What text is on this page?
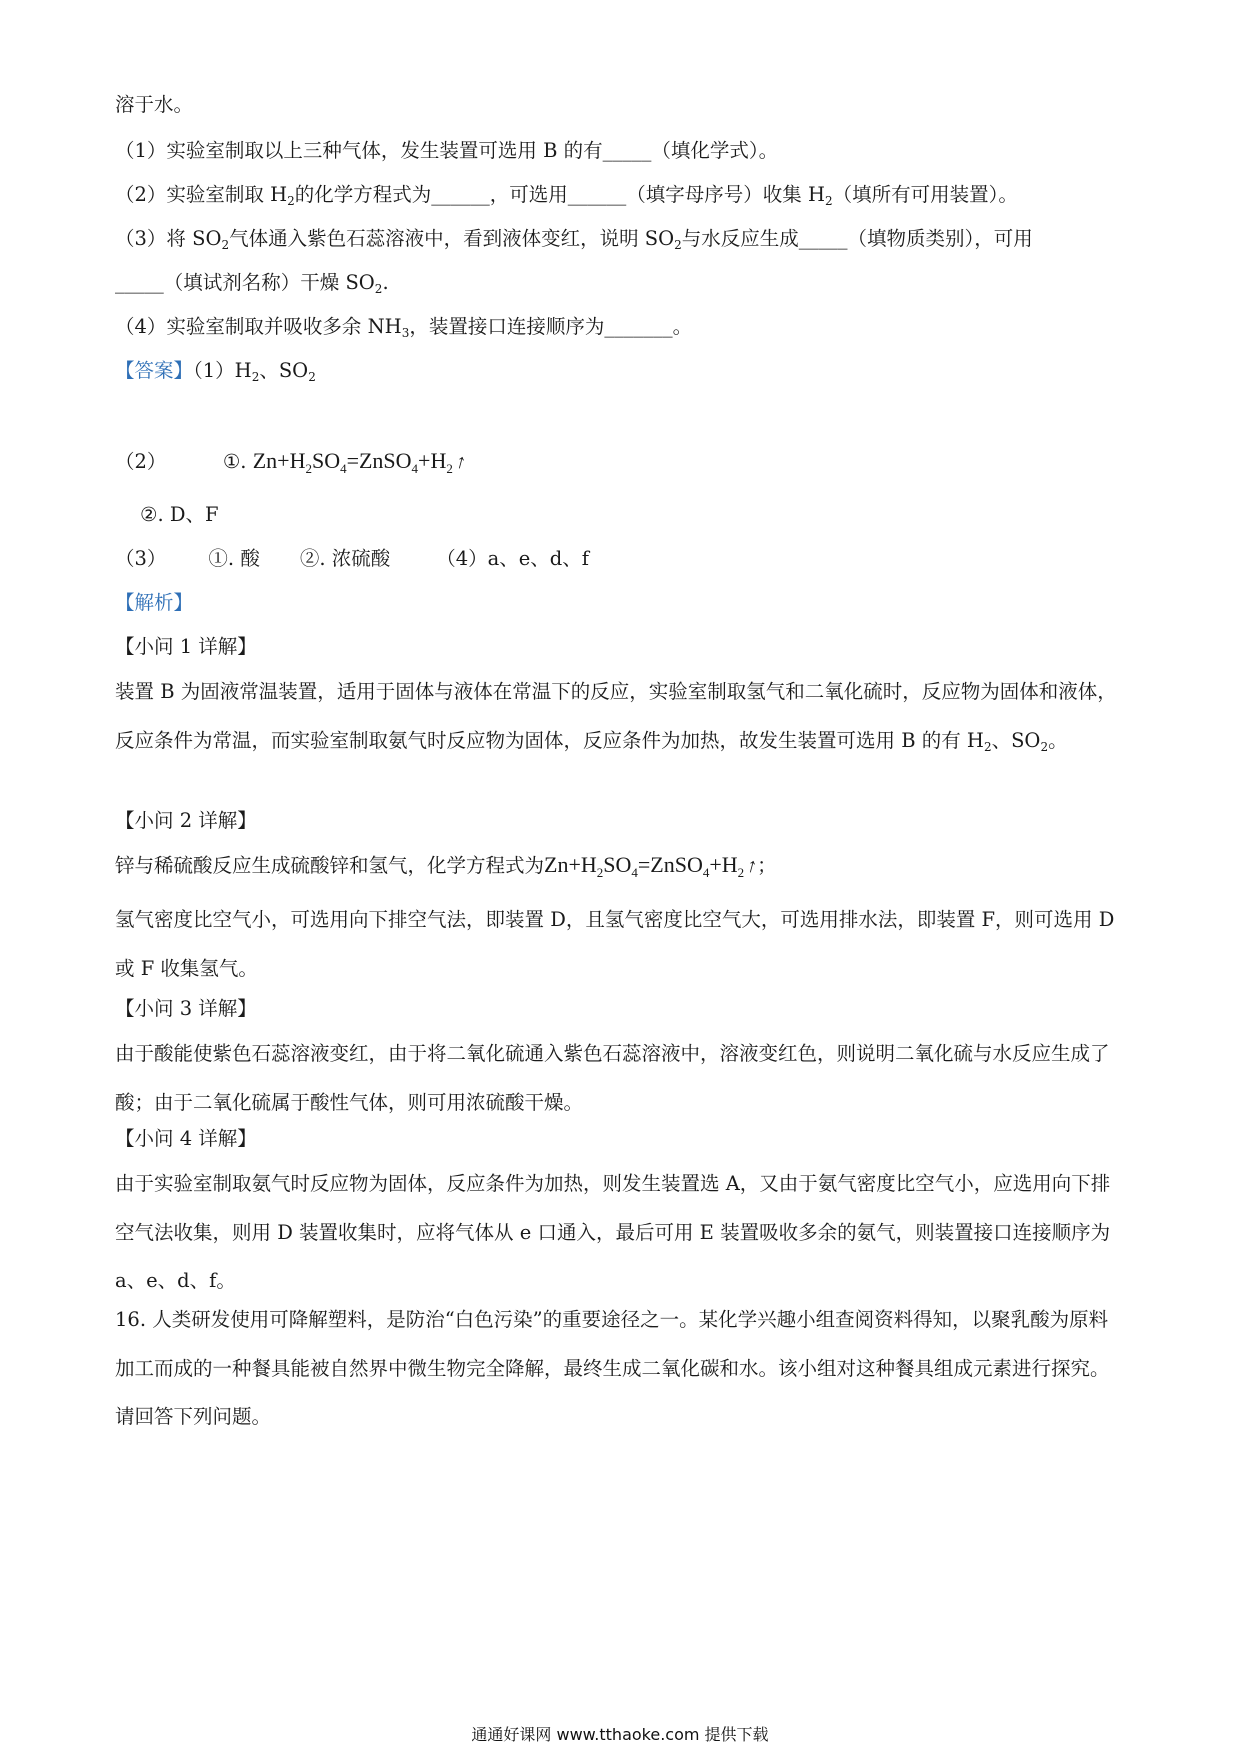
溶于水。
（1）实验室制取以上三种气体，发生装置可选用 B 的有_____（填化学式）。
（2）实验室制取 $H_2$的化学方程式为______，可选用______（填字母序号）收集 $H_2$（填所有可用装置）。
（3）将 $SO_2$气体通入紫色石蕊溶液中，看到液体变红，说明 $SO_2$与水反应生成_____（填物质类别），可用
_____（填试剂名称）干燥 $SO_2$.
（4）实验室制取并吸收多余 $NH_3$，装置接口连接顺序为_______。
【答案】$(1)H_2$、$SO_2$
（2）	①. $Zn+H_2SO_4=ZnSO_4+H_2↑$
②. D、F
（3） ①. 酸 ②. 浓硫酸 （4）a、e、d、f
【解析】
【小问 1 详解】
装置 B 为固液常温装置，适用于固体与液体在常温下的反应，实验室制取氢气和二氧化硫时，反应物为固体和液体，反应条件为常温，而实验室制取氨气时反应物为固体，反应条件为加热，故发生装置可选用 B 的有 $H_2$、$SO_2$。
【小问 2 详解】
锌与稀硫酸反应生成硫酸锌和氢气，化学方程式为$Zn+H_2SO_4=ZnSO_4+H_2↑$；
氢气密度比空气小，可选用向下排空气法，即装置 D，且氢气密度比空气大，可选用排水法，即装置 F，则可选用 D 或 F 收集氢气。
【小问 3 详解】
由于酸能使紫色石蕊溶液变红，由于将二氧化硫通入紫色石蕊溶液中，溶液变红色，则说明二氧化硫与水反应生成了酸；由于二氧化硫属于酸性气体，则可用浓硫酸干燥。
【小问 4 详解】
由于实验室制取氨气时反应物为固体，反应条件为加热，则发生装置选 A，又由于氨气密度比空气小，应选用向下排空气法收集，则用 D 装置收集时，应将气体从 e 口通入，最后可用 E 装置吸收多余的氨气，则装置接口连接顺序为 a、e、d、f。
16. 人类研发使用可降解塑料，是防治“白色污染”的重要途径之一。某化学兴趣小组查阅资料得知，以聚乳酸为原料加工而成的一种餐具能被自然界中微生物完全降解，最终生成二氧化碳和水。该小组对这种餐具组成元素进行探究。请回答下列问题。
通通好课网 www.tthaoke.com 提供下载
